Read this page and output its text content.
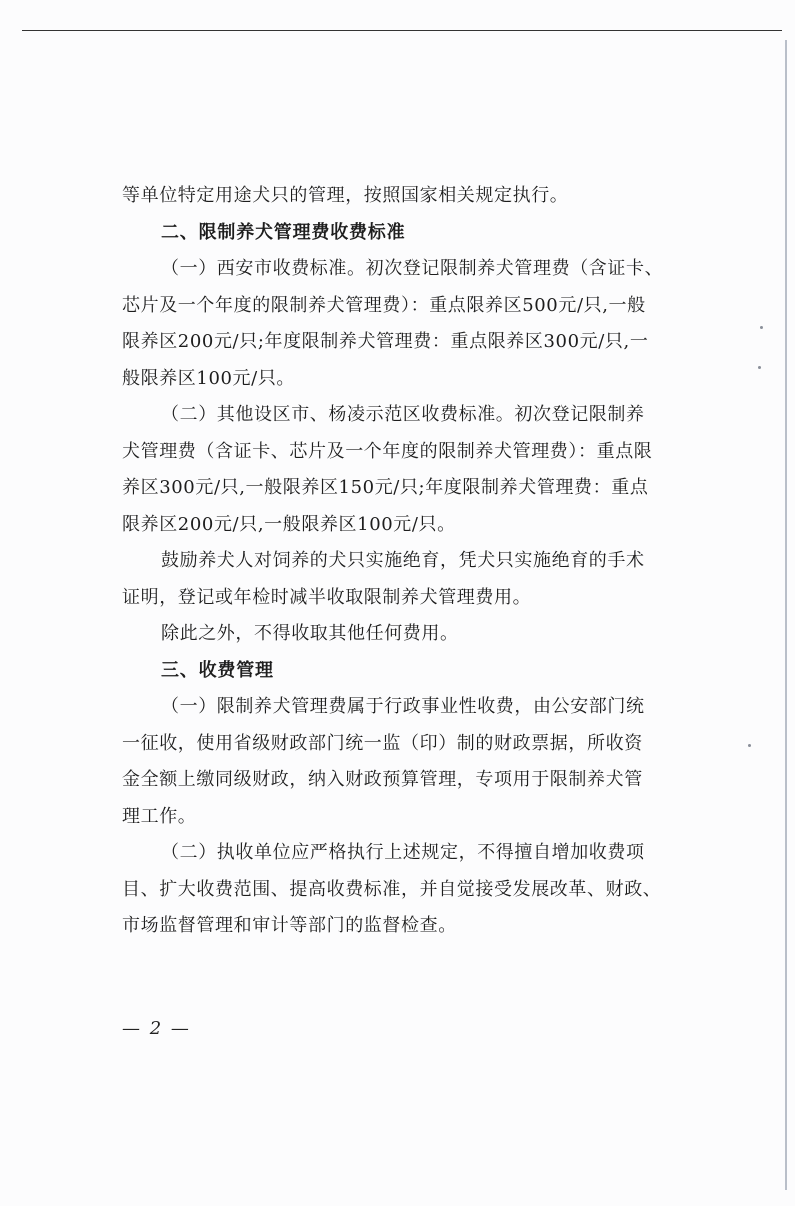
等单位特定用途犬只的管理，按照国家相关规定执行。
二、限制养犬管理费收费标准
（一）西安市收费标准。初次登记限制养犬管理费（含证卡、
芯片及一个年度的限制养犬管理费）：重点限养区500元/只,一般
限养区200元/只;年度限制养犬管理费：重点限养区300元/只,一
般限养区100元/只。
（二）其他设区市、杨凌示范区收费标准。初次登记限制养
犬管理费（含证卡、芯片及一个年度的限制养犬管理费）：重点限
养区300元/只,一般限养区150元/只;年度限制养犬管理费：重点
限养区200元/只,一般限养区100元/只。
鼓励养犬人对饲养的犬只实施绝育，凭犬只实施绝育的手术
证明，登记或年检时减半收取限制养犬管理费用。
除此之外，不得收取其他任何费用。
三、收费管理
（一）限制养犬管理费属于行政事业性收费，由公安部门统
一征收，使用省级财政部门统一监（印）制的财政票据，所收资
金全额上缴同级财政，纳入财政预算管理，专项用于限制养犬管
理工作。
（二）执收单位应严格执行上述规定，不得擅自增加收费项
目、扩大收费范围、提高收费标准，并自觉接受发展改革、财政、
市场监督管理和审计等部门的监督检查。
— 2 —
